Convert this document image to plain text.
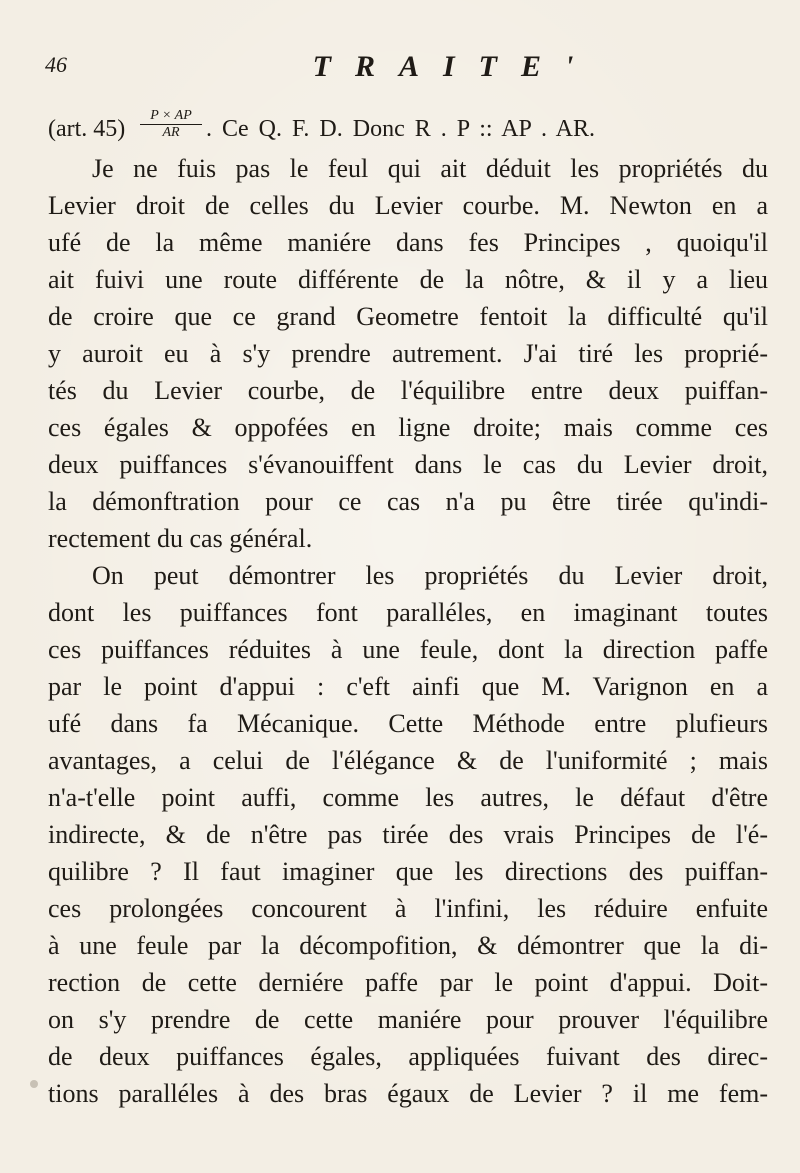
46	TRAITE'
(art. $45) \frac{P \times AP}{AR}$ . Ce Q. F. D. Donc R . P :: AP . AR.
Je ne fuis pas le feul qui ait déduit les propriétés du
Levier droit de celles du Levier courbe. M. Newton en a
ufé de la même maniére dans fes Principes , quoiqu'il
ait fuivi une route différente de la nôtre, & il y a lieu
de croire que ce grand Geometre fentoit la difficulté qu'il
y auroit eu à s'y prendre autrement. J'ai tiré les proprié-
tés du Levier courbe, de l'équilibre entre deux puiffan-
ces égales & oppofées en ligne droite; mais comme ces
deux puiffances s'évanouiffent dans le cas du Levier droit,
la démonftration pour ce cas n'a pu être tirée qu'indi-
rectement du cas général.
On peut démontrer les propriétés du Levier droit,
dont les puiffances font paralléles, en imaginant toutes
ces puiffances réduites à une feule, dont la direction paffe
par le point d'appui : c'eft ainfi que M. Varignon en a
ufé dans fa Mécanique. Cette Méthode entre plufieurs
avantages, a celui de l'élégance & de l'uniformité ; mais
n'a-t'elle point auffi, comme les autres, le défaut d'être
indirecte, & de n'être pas tirée des vrais Principes de l'é-
quilibre ? Il faut imaginer que les directions des puiffan-
ces prolongées concourent à l'infini, les réduire enfuite
à une feule par la décompofition, & démontrer que la di-
rection de cette derniére paffe par le point d'appui. Doit-
on s'y prendre de cette maniére pour prouver l'équilibre
de deux puiffances égales, appliquées fuivant des direc-
tions paralléles à des bras égaux de Levier ? il me fem-
